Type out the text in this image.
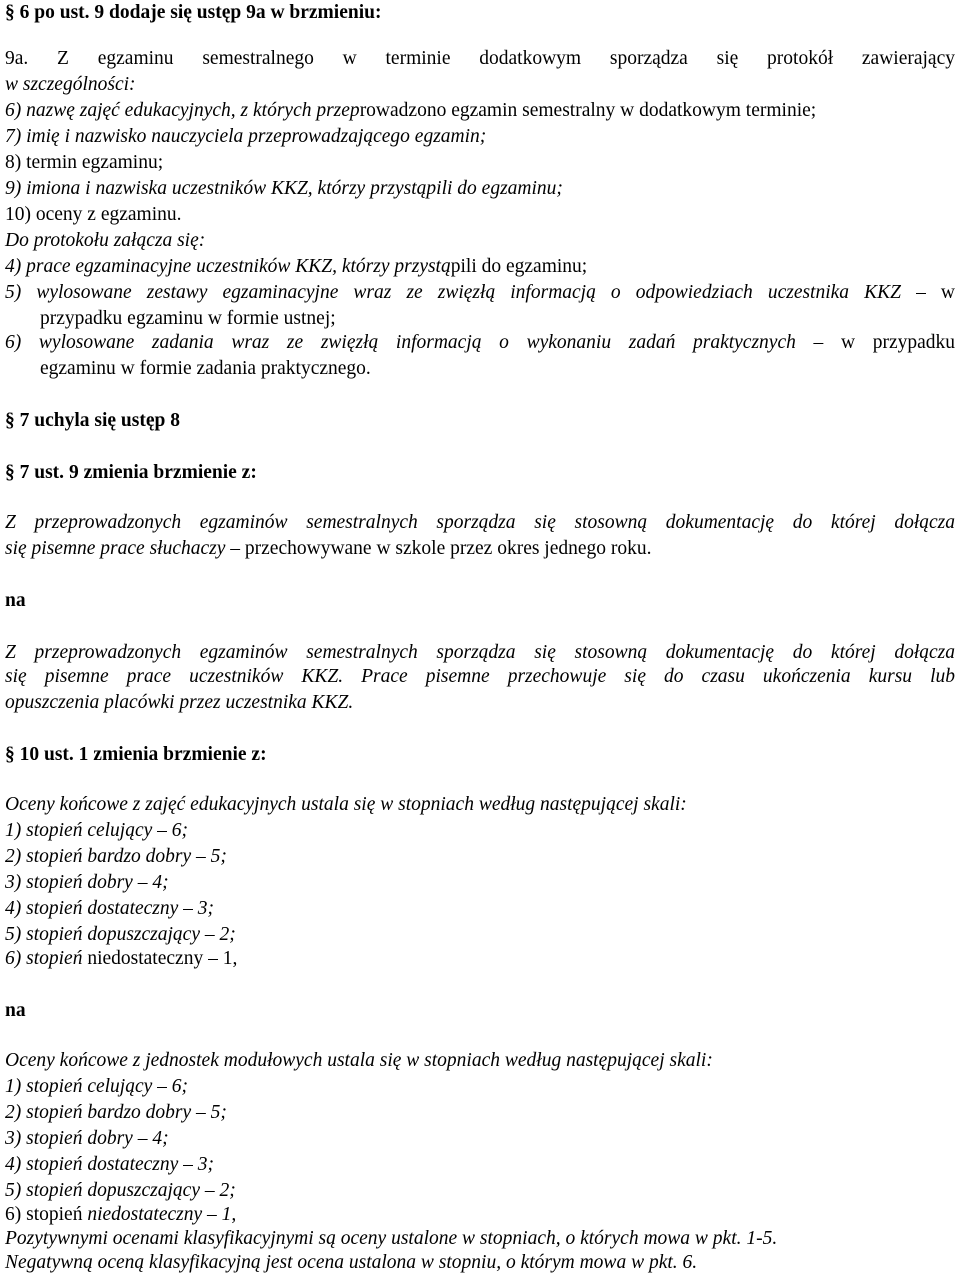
§ 6 po ust. 9 dodaje się ustęp 9a w brzmieniu:
9a. Z egzaminu semestralnego w terminie dodatkowym sporządza się protokół zawierający
w szczególności:
6) nazwę zajęć edukacyjnych, z których przeprowadzono egzamin semestralny w dodatkowym terminie;
7) imię i nazwisko nauczyciela przeprowadzającego egzamin;
8) termin egzaminu;
9) imiona i nazwiska uczestników KKZ, którzy przystąpili do egzaminu;
10) oceny z egzaminu.
Do protokołu załącza się:
4) prace egzaminacyjne uczestników KKZ, którzy przystąpili do egzaminu;
5) wylosowane zestawy egzaminacyjne wraz ze zwięzłą informacją o odpowiedziach uczestnika KKZ – w
przypadku egzaminu w formie ustnej;
6) wylosowane zadania wraz ze zwięzłą informacją o wykonaniu zadań praktycznych – w przypadku
egzaminu w formie zadania praktycznego.
§ 7 uchyla się ustęp 8
§ 7 ust. 9 zmienia brzmienie z:
Z przeprowadzonych egzaminów semestralnych sporządza się stosowną dokumentację do której dołącza
się pisemne prace słuchaczy – przechowywane w szkole przez okres jednego roku.
na
Z przeprowadzonych egzaminów semestralnych sporządza się stosowną dokumentację do której dołącza
się pisemne prace uczestników KKZ. Prace pisemne przechowuje się do czasu ukończenia kursu lub
opuszczenia placówki przez uczestnika KKZ.
§ 10 ust. 1 zmienia brzmienie z:
Oceny końcowe z zajęć edukacyjnych ustala się w stopniach według następującej skali:
1) stopień celujący – 6;
2) stopień bardzo dobry – 5;
3) stopień dobry – 4;
4) stopień dostateczny – 3;
5) stopień dopuszczający – 2;
6) stopień niedostateczny – 1,
na
Oceny końcowe z jednostek modułowych ustala się w stopniach według następującej skali:
1) stopień celujący – 6;
2) stopień bardzo dobry – 5;
3) stopień dobry – 4;
4) stopień dostateczny – 3;
5) stopień dopuszczający – 2;
6) stopień niedostateczny – 1,
Pozytywnymi ocenami klasyfikacyjnymi są oceny ustalone w stopniach, o których mowa w pkt. 1-5.
Negatywną oceną klasyfikacyjną jest ocena ustalona w stopniu, o którym mowa w pkt. 6.
